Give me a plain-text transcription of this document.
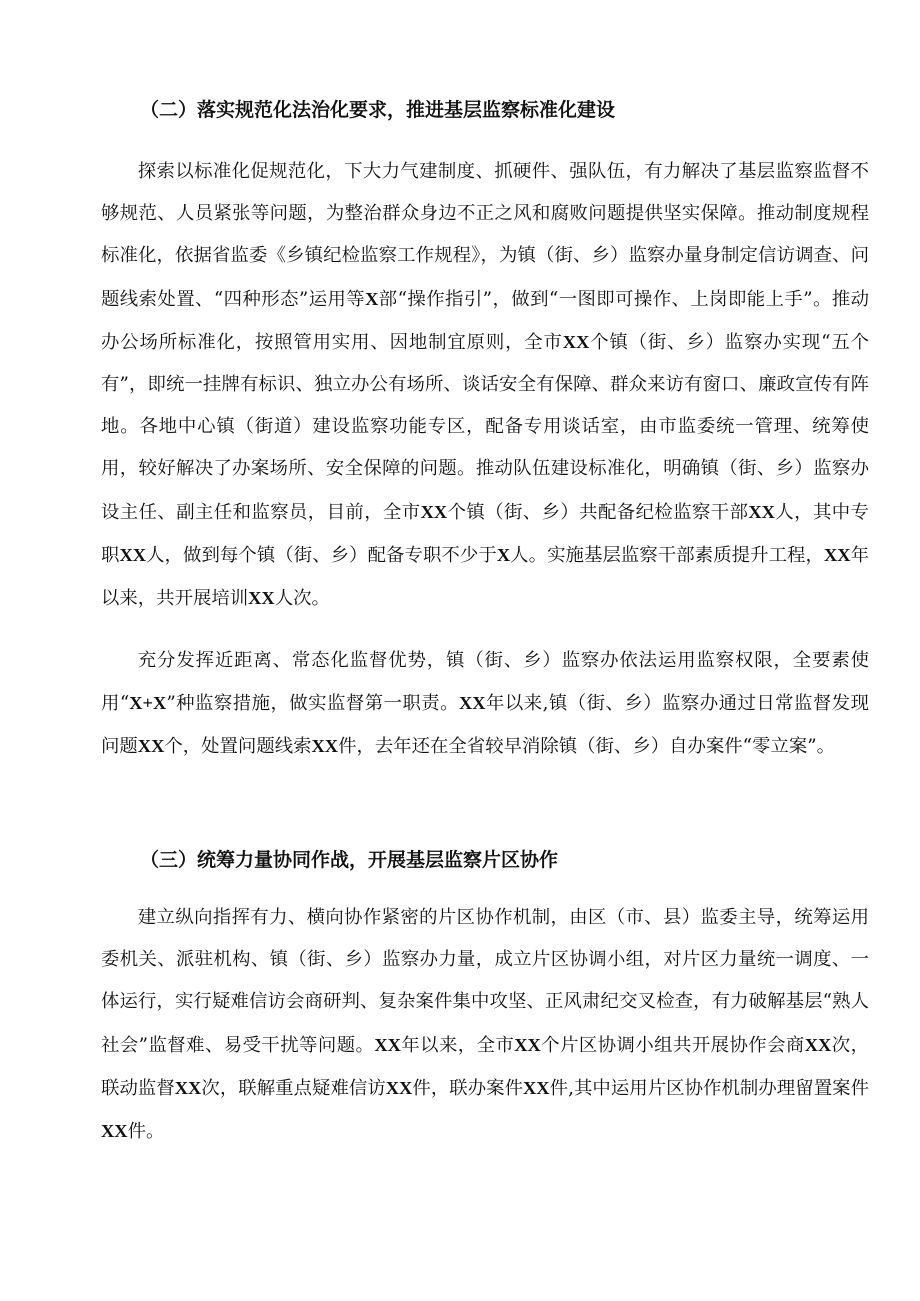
（二）落实规范化法治化要求，推进基层监察标准化建设

探索以标准化促规范化，下大力气建制度、抓硬件、强队伍，有力解决了基层监察监督不够规范、人员紧张等问题，为整治群众身边不正之风和腐败问题提供坚实保障。推动制度规程标准化，依据省监委《乡镇纪检监察工作规程》，为镇（街、乡）监察办量身制定信访调查、问题线索处置、“四种形态”运用等X部“操作指引”，做到“一图即可操作、上岗即能上手”。推动办公场所标准化，按照管用实用、因地制宜原则，全市XX个镇（街、乡）监察办实现“五个有”，即统一挂牌有标识、独立办公有场所、谈话安全有保障、群众来访有窗口、廉政宣传有阵地。各地中心镇（街道）建设监察功能专区，配备专用谈话室，由市监委统一管理、统筹使用，较好解决了办案场所、安全保障的问题。推动队伍建设标准化，明确镇（街、乡）监察办设主任、副主任和监察员，目前，全市XX个镇（街、乡）共配备纪检监察干部XX人，其中专职XX人，做到每个镇（街、乡）配备专职不少于X人。实施基层监察干部素质提升工程，XX年以来，共开展培训XX人次。

充分发挥近距离、常态化监督优势，镇（街、乡）监察办依法运用监察权限，全要素使用“X+X”种监察措施，做实监督第一职责。XX年以来,镇（街、乡）监察办通过日常监督发现问题XX个，处置问题线索XX件，去年还在全省较早消除镇（街、乡）自办案件“零立案”。

（三）统筹力量协同作战，开展基层监察片区协作

建立纵向指挥有力、横向协作紧密的片区协作机制，由区（市、县）监委主导，统筹运用委机关、派驻机构、镇（街、乡）监察办力量，成立片区协调小组，对片区力量统一调度、一体运行，实行疑难信访会商研判、复杂案件集中攻坚、正风肃纪交叉检查，有力破解基层“熟人社会”监督难、易受干扰等问题。XX年以来，全市XX个片区协调小组共开展协作会商XX次，联动监督XX次，联解重点疑难信访XX件，联办案件XX件,其中运用片区协作机制办理留置案件XX件。
